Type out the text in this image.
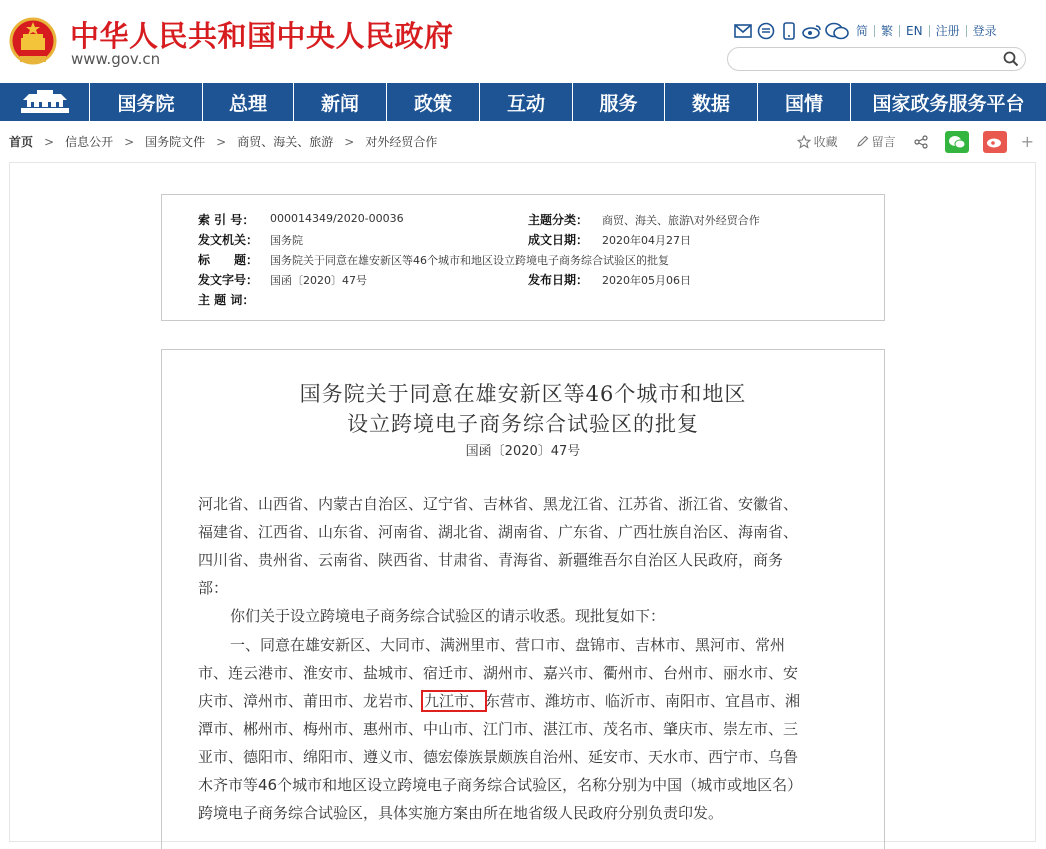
中华人民共和国中央人民政府
www.gov.cn
简	繁	EN	注册	登录
国务院	总理	新闻	政策	互动	服务	数据	国情	国家政务服务平台
首页 > 信息公开 > 国务院文件 > 商贸、海关、旅游 > 对外经贸合作	收藏	留言	+
索 引 号： 000014349/2020-00036	主题分类： 商贸、海关、旅游\对外经贸合作
发文机关： 国务院	成文日期： 2020年04月27日
标　　题： 国务院关于同意在雄安新区等46个城市和地区设立跨境电子商务综合试验区的批复
发文字号： 国函〔2020〕47号	发布日期： 2020年05月06日
主 题 词：
国务院关于同意在雄安新区等46个城市和地区
设立跨境电子商务综合试验区的批复
国函〔2020〕47号
河北省、山西省、内蒙古自治区、辽宁省、吉林省、黑龙江省、江苏省、浙江省、安徽省、
福建省、江西省、山东省、河南省、湖北省、湖南省、广东省、广西壮族自治区、海南省、
四川省、贵州省、云南省、陕西省、甘肃省、青海省、新疆维吾尔自治区人民政府，商务
部：
你们关于设立跨境电子商务综合试验区的请示收悉。现批复如下：
一、同意在雄安新区、大同市、满洲里市、营口市、盘锦市、吉林市、黑河市、常州
市、连云港市、淮安市、盐城市、宿迁市、湖州市、嘉兴市、衢州市、台州市、丽水市、安
庆市、漳州市、莆田市、龙岩市、九江市、东营市、潍坊市、临沂市、南阳市、宜昌市、湘
潭市、郴州市、梅州市、惠州市、中山市、江门市、湛江市、茂名市、肇庆市、崇左市、三
亚市、德阳市、绵阳市、遵义市、德宏傣族景颇族自治州、延安市、天水市、西宁市、乌鲁
木齐市等46个城市和地区设立跨境电子商务综合试验区，名称分别为中国（城市或地区名）
跨境电子商务综合试验区，具体实施方案由所在地省级人民政府分别负责印发。
